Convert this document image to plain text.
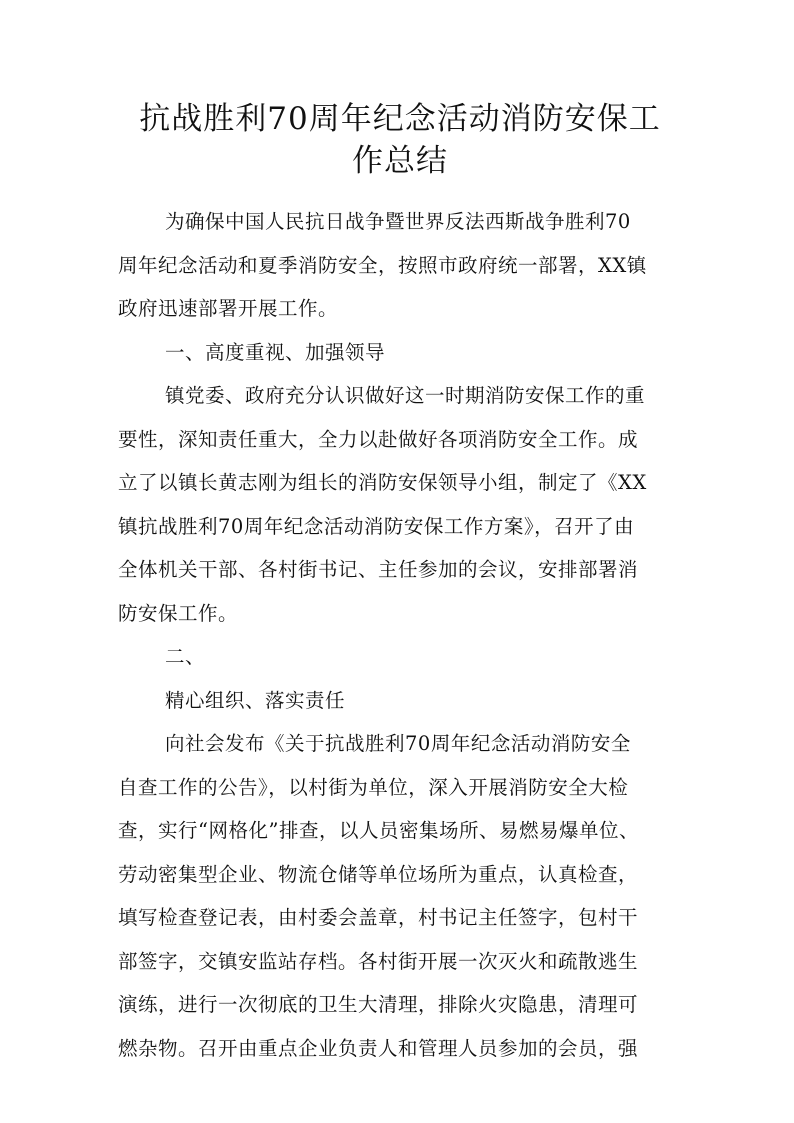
抗战胜利70周年纪念活动消防安保工
作总结
为确保中国人民抗日战争暨世界反法西斯战争胜利70
周年纪念活动和夏季消防安全，按照市政府统一部署，XX镇
政府迅速部署开展工作。
一、高度重视、加强领导
镇党委、政府充分认识做好这一时期消防安保工作的重
要性，深知责任重大，全力以赴做好各项消防安全工作。成
立了以镇长黄志刚为组长的消防安保领导小组，制定了《XX
镇抗战胜利70周年纪念活动消防安保工作方案》，召开了由
全体机关干部、各村街书记、主任参加的会议，安排部署消
防安保工作。
二、
精心组织、落实责任
向社会发布《关于抗战胜利70周年纪念活动消防安全
自查工作的公告》，以村街为单位，深入开展消防安全大检
查，实行“网格化”排查，以人员密集场所、易燃易爆单位、
劳动密集型企业、物流仓储等单位场所为重点，认真检查，
填写检查登记表，由村委会盖章，村书记主任签字，包村干
部签字，交镇安监站存档。各村街开展一次灭火和疏散逃生
演练，进行一次彻底的卫生大清理，排除火灾隐患，清理可
燃杂物。召开由重点企业负责人和管理人员参加的会员，强
